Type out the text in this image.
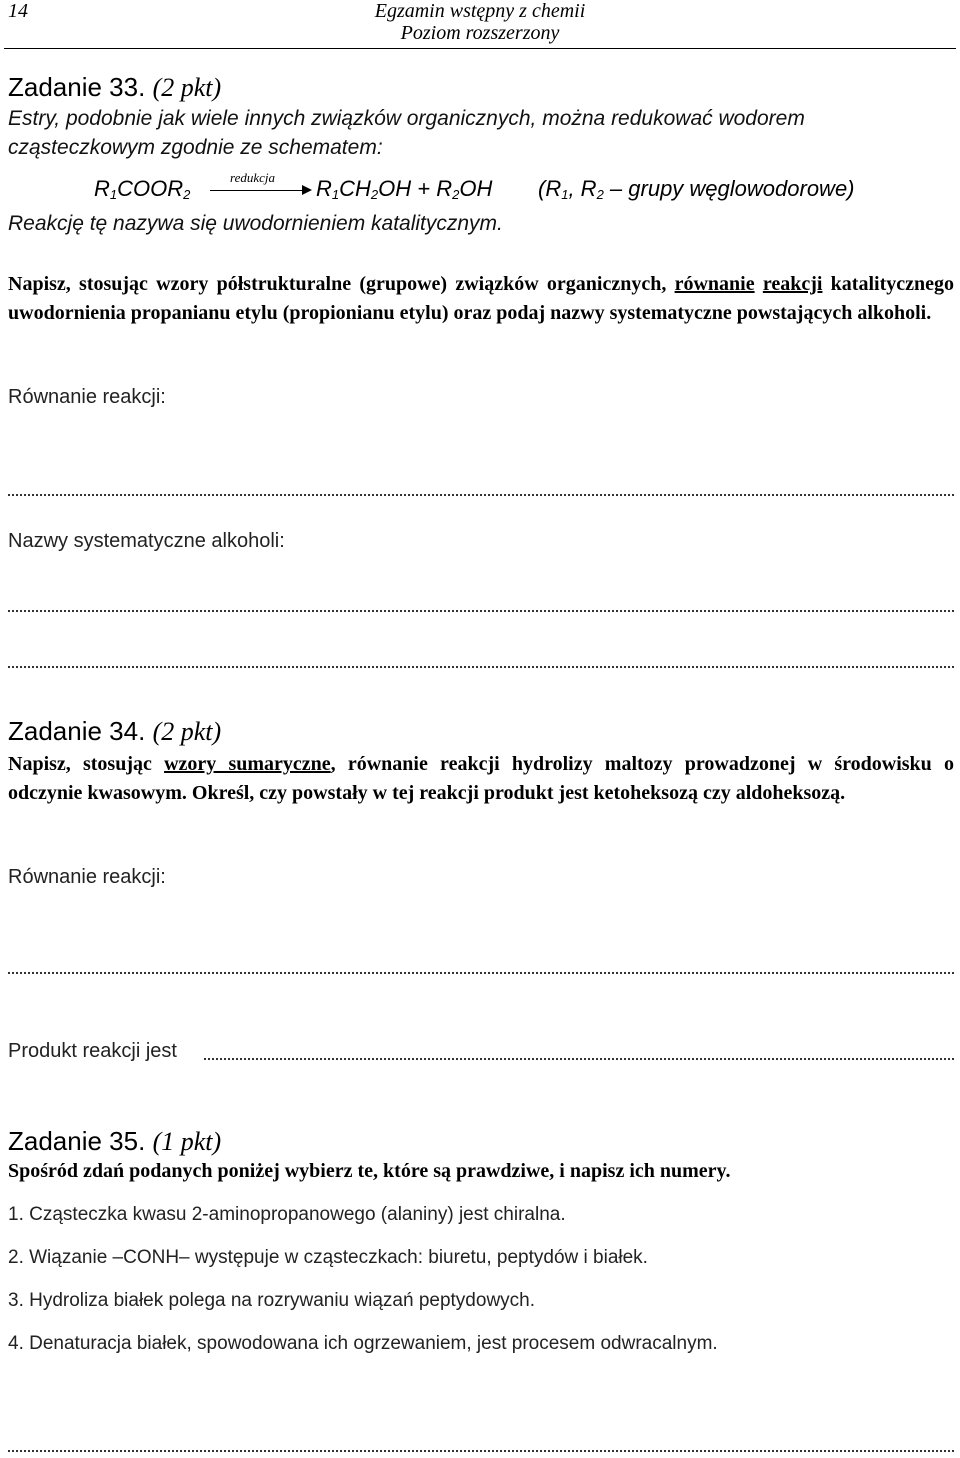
14	Egzamin wstępny z chemii
Poziom rozszerzony
Zadanie 33. (2 pkt)
Estry, podobnie jak wiele innych związków organicznych, można redukować wodorem
cząsteczkowym zgodnie ze schematem:
$R_1COOR_2$
redukcja $R_1CH_2OH + R_2OH$ ($R_1$, $R_2$ – grupy węglowodorowe)
Reakcję tę nazywa się uwodornieniem katalitycznym.
Napisz, stosując wzory półstrukturalne (grupowe) związków organicznych, równanie reakcji katalitycznego uwodornienia propanianu etylu (propionianu etylu) oraz podaj nazwy systematyczne powstających alkoholi.
Równanie reakcji:
Nazwy systematyczne alkoholi:
Zadanie 34. (2 pkt)
Napisz, stosując wzory sumaryczne, równanie reakcji hydrolizy maltozy prowadzonej w środowisku o odczynie kwasowym. Określ, czy powstały w tej reakcji produkt jest ketoheksozą czy aldoheksozą.
Równanie reakcji:
Produkt reakcji jest
Zadanie 35. (1 pkt)
Spośród zdań podanych poniżej wybierz te, które są prawdziwe, i napisz ich numery.
1. Cząsteczka kwasu 2-aminopropanowego (alaniny) jest chiralna.
2. Wiązanie –CONH– występuje w cząsteczkach: biuretu, peptydów i białek.
3. Hydroliza białek polega na rozrywaniu wiązań peptydowych.
4. Denaturacja białek, spowodowana ich ogrzewaniem, jest procesem odwracalnym.
